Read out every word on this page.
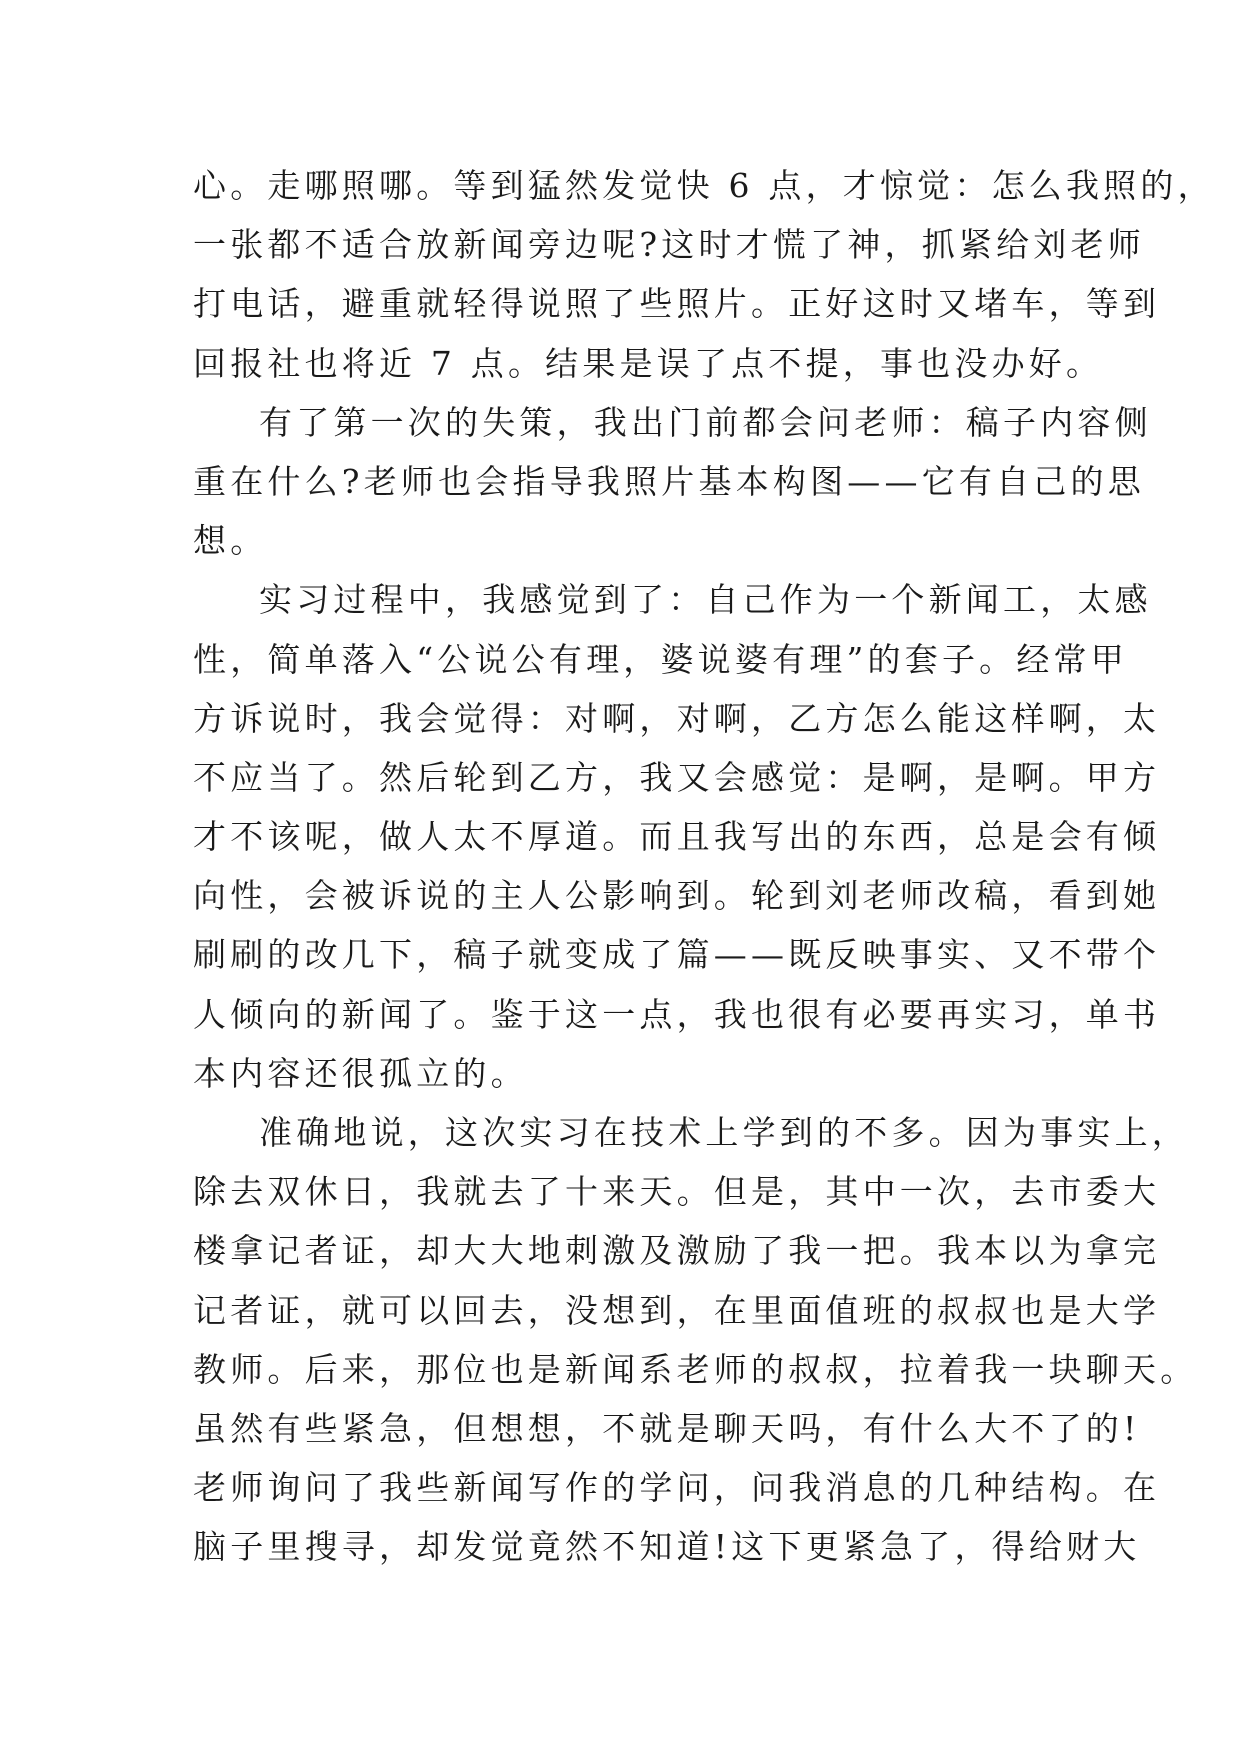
心。走哪照哪。等到猛然发觉快 6 点，才惊觉：怎么我照的，
一张都不适合放新闻旁边呢?这时才慌了神，抓紧给刘老师
打电话，避重就轻得说照了些照片。正好这时又堵车，等到
回报社也将近 7 点。结果是误了点不提，事也没办好。
有了第一次的失策，我出门前都会问老师：稿子内容侧
重在什么?老师也会指导我照片基本构图——它有自己的思
想。
实习过程中，我感觉到了：自己作为一个新闻工，太感
性，简单落入“公说公有理，婆说婆有理”的套子。经常甲
方诉说时，我会觉得：对啊，对啊，乙方怎么能这样啊，太
不应当了。然后轮到乙方，我又会感觉：是啊，是啊。甲方
才不该呢，做人太不厚道。而且我写出的东西，总是会有倾
向性，会被诉说的主人公影响到。轮到刘老师改稿，看到她
刷刷的改几下，稿子就变成了篇——既反映事实、又不带个
人倾向的新闻了。鉴于这一点，我也很有必要再实习，单书
本内容还很孤立的。
准确地说，这次实习在技术上学到的不多。因为事实上，
除去双休日，我就去了十来天。但是，其中一次，去市委大
楼拿记者证，却大大地刺激及激励了我一把。我本以为拿完
记者证，就可以回去，没想到，在里面值班的叔叔也是大学
教师。后来，那位也是新闻系老师的叔叔，拉着我一块聊天。
虽然有些紧急，但想想，不就是聊天吗，有什么大不了的!
老师询问了我些新闻写作的学问，问我消息的几种结构。在
脑子里搜寻，却发觉竟然不知道!这下更紧急了，得给财大
